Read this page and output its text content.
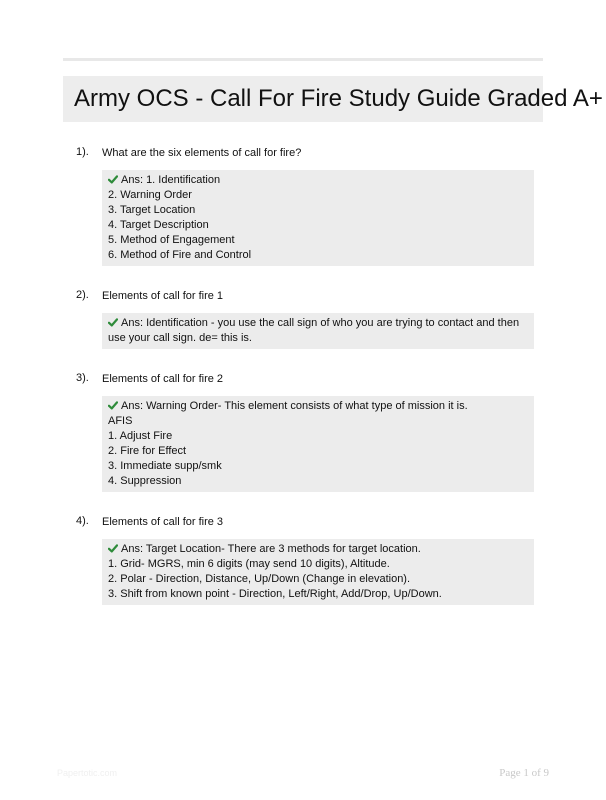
Army OCS - Call For Fire Study Guide Graded A+
1). What are the six elements of call for fire?
Ans: 1. Identification
2. Warning Order
3. Target Location
4. Target Description
5. Method of Engagement
6. Method of Fire and Control
2). Elements of call for fire 1
Ans: Identification - you use the call sign of who you are trying to contact and then use your call sign. de= this is.
3). Elements of call for fire 2
Ans: Warning Order- This element consists of what type of mission it is.
AFIS
1. Adjust Fire
2. Fire for Effect
3. Immediate supp/smk
4. Suppression
4). Elements of call for fire 3
Ans: Target Location- There are 3 methods for target location.
1. Grid- MGRS, min 6 digits (may send 10 digits), Altitude.
2. Polar - Direction, Distance, Up/Down (Change in elevation).
3. Shift from known point - Direction, Left/Right, Add/Drop, Up/Down.
Papertotic.com	Page 1 of 9
